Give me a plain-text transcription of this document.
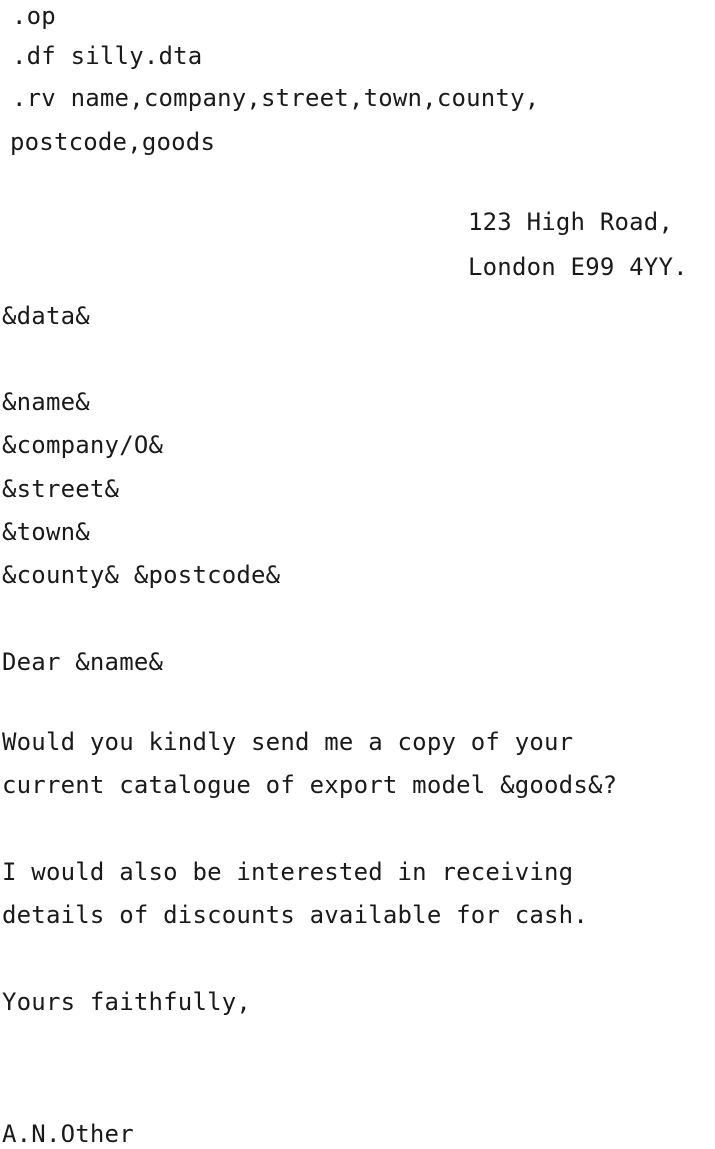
.op
.df silly.dta
.rv name,company,street,town,county,
postcode,goods
123 High Road,
London E99 4YY.
&data&
&name&
&company/O&
&street&
&town&
&county& &postcode&
Dear &name&
Would you kindly send me a copy of your
current catalogue of export model &goods&?
I would also be interested in receiving
details of discounts available for cash.
Yours faithfully,
A.N.Other
